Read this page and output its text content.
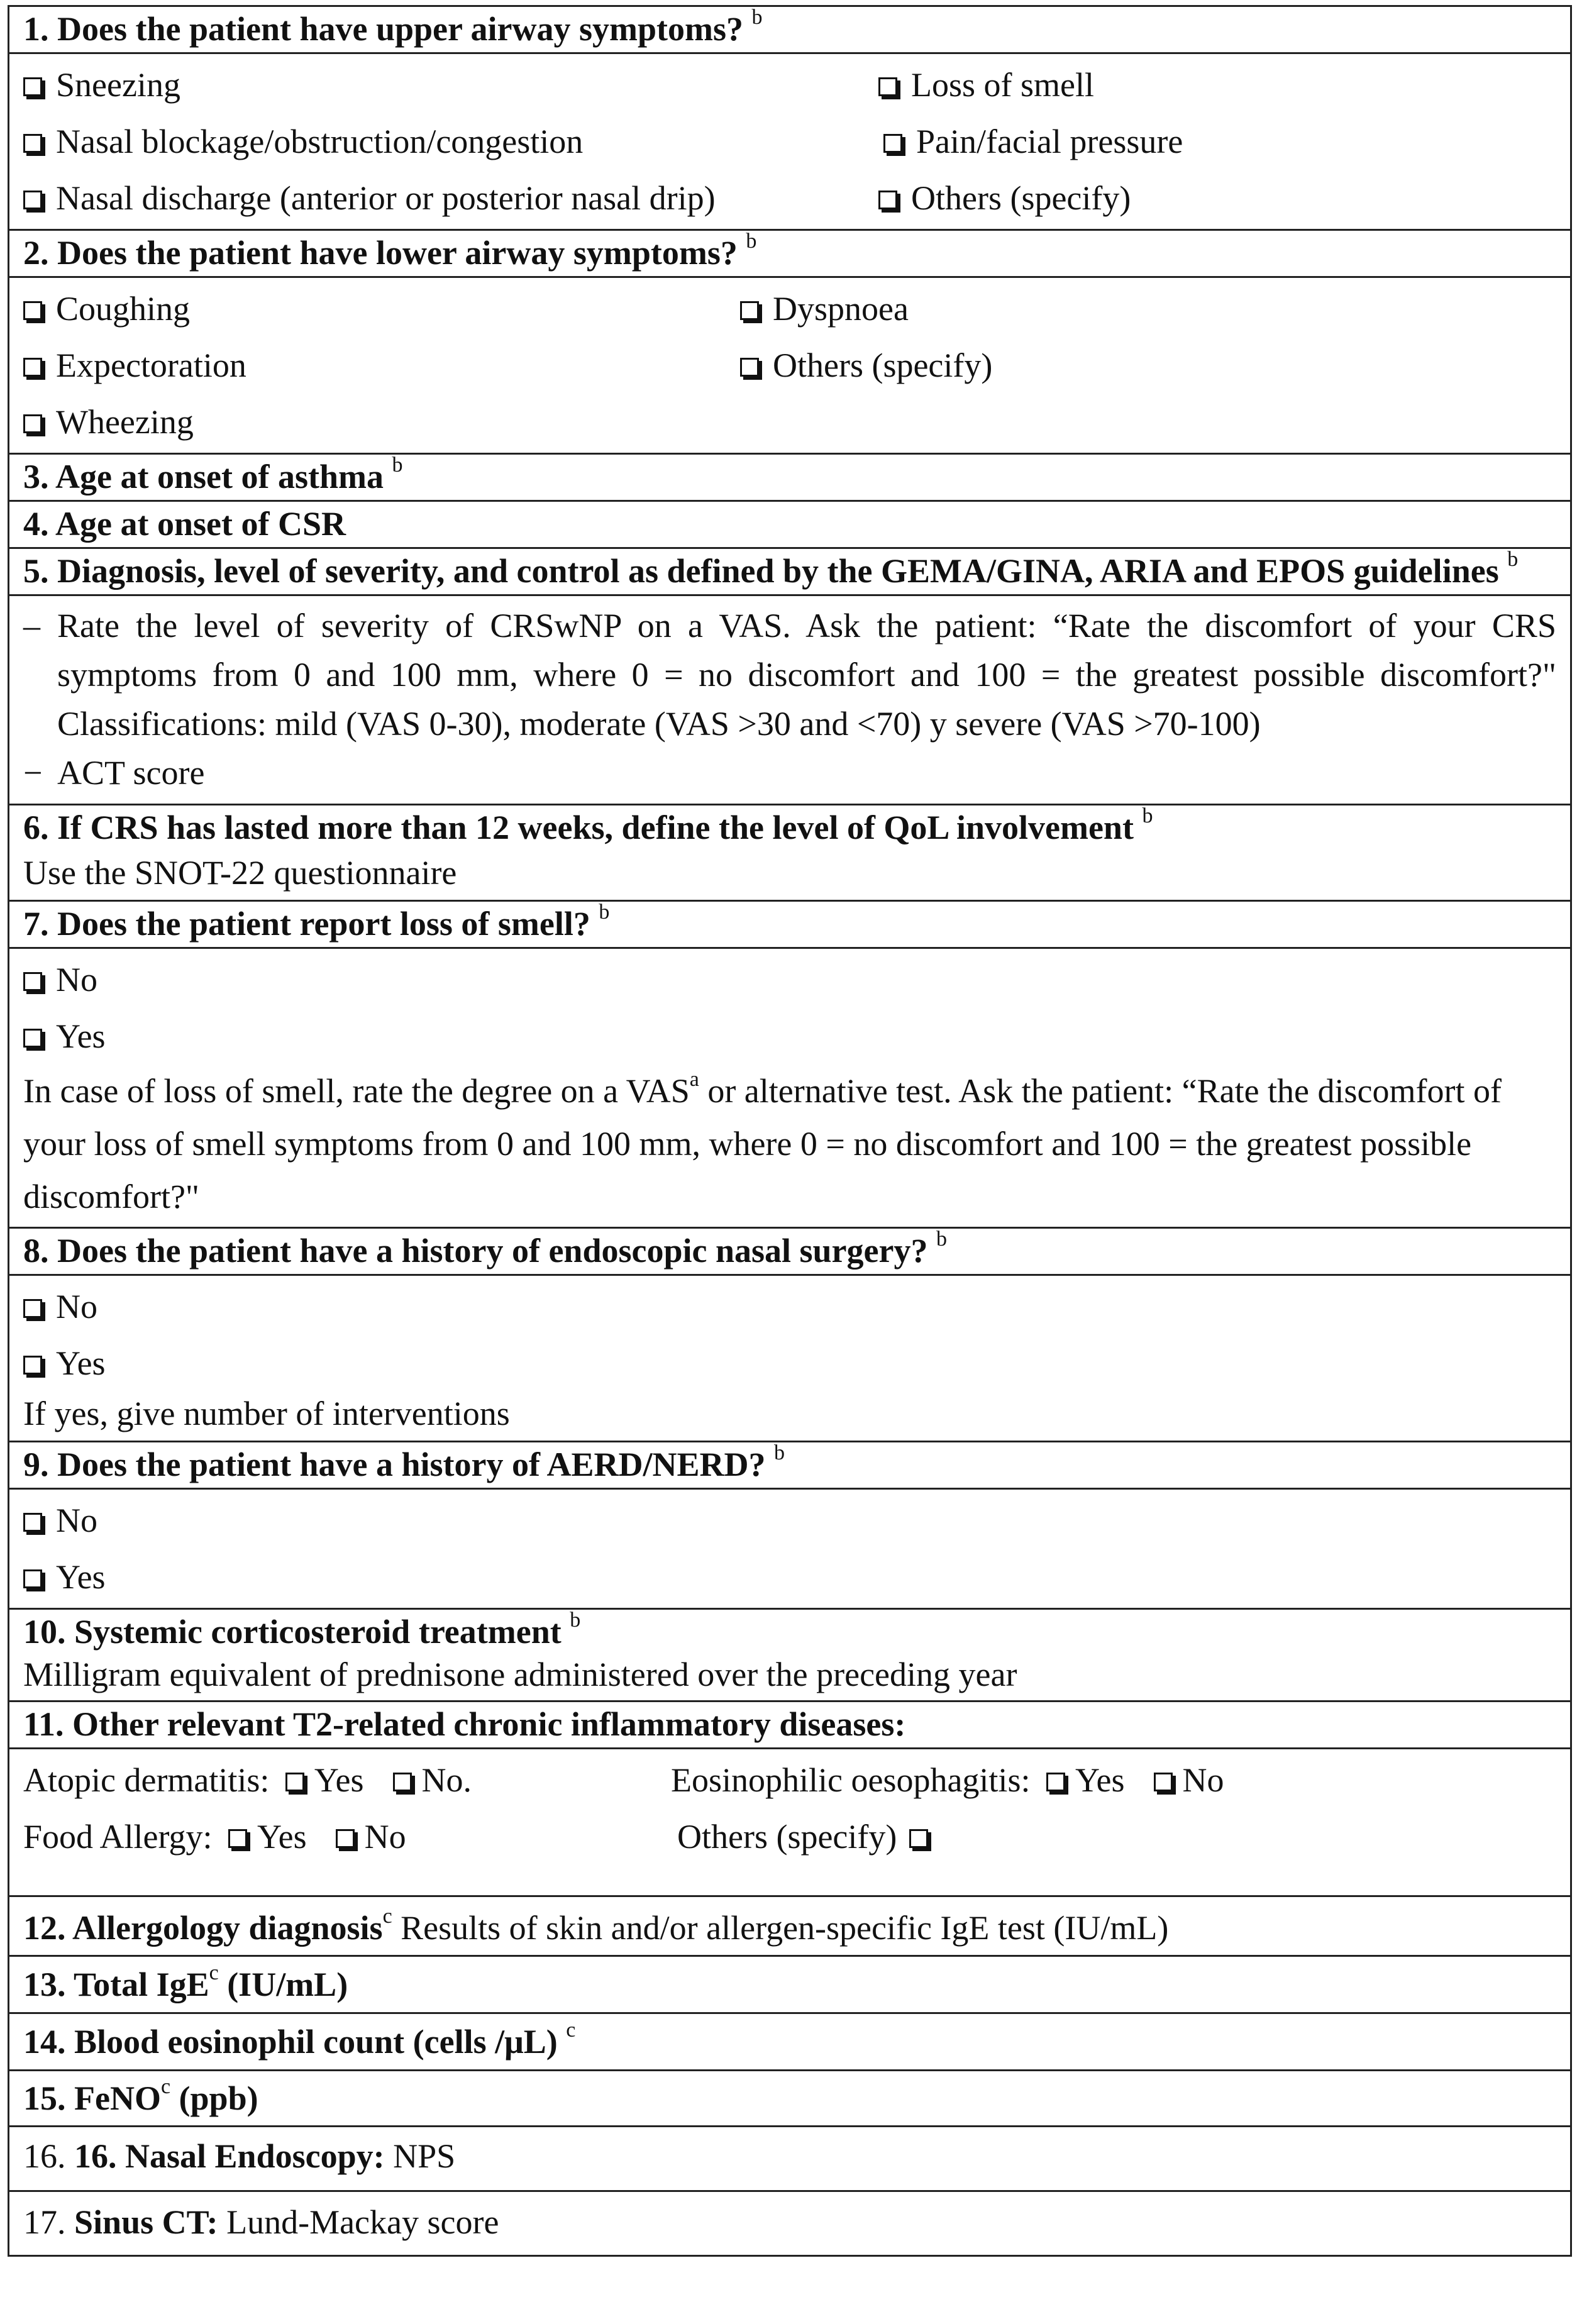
1. Does the patient have upper airway symptoms? $^b$
Sneezing	Loss of smell
Nasal blockage/obstruction/congestion	Pain/facial pressure
Nasal discharge (anterior or posterior nasal drip)	Others (specify)
2. Does the patient have lower airway symptoms? $^b$
Coughing	Dyspnoea
Expectoration	Others (specify)
Wheezing
3. Age at onset of asthma $^b$
4. Age at onset of CSR
5. Diagnosis, level of severity, and control as defined by the GEMA/GINA, ARIA and EPOS guidelines $^b$
– Rate the level of severity of CRSwNP on a VAS. Ask the patient: “Rate the discomfort of your CRS symptoms from 0 and 100 mm, where 0 = no discomfort and 100 = the greatest possible discomfort?" Classifications: mild (VAS 0-30), moderate (VAS >30 and <70) y severe (VAS >70-100)
− ACT score
6. If CRS has lasted more than 12 weeks, define the level of QoL involvement $^b$
Use the SNOT-22 questionnaire
7. Does the patient report loss of smell? $^b$
No
Yes
In case of loss of smell, rate the degree on a VAS$^a$ or alternative test. Ask the patient: “Rate the discomfort of your loss of smell symptoms from 0 and 100 mm, where 0 = no discomfort and 100 = the greatest possible discomfort?"
8. Does the patient have a history of endoscopic nasal surgery? $^b$
No
Yes
If yes, give number of interventions
9. Does the patient have a history of AERD/NERD? $^b$
No
Yes
10. Systemic corticosteroid treatment $^b$
Milligram equivalent of prednisone administered over the preceding year
11. Other relevant T2-related chronic inflammatory diseases:
Atopic dermatitis: Yes No.	Eosinophilic oesophagitis: Yes No
Food Allergy: Yes No	Others (specify)
12. Allergology diagnosis$^c$ Results of skin and/or allergen-specific IgE test (IU/mL)
13. Total IgE$^c$ (IU/mL)
14. Blood eosinophil count (cells /μL) $^c$
15. FeNO$^c$ (ppb)
16. 16. Nasal Endoscopy: NPS
17. Sinus CT: Lund-Mackay score
